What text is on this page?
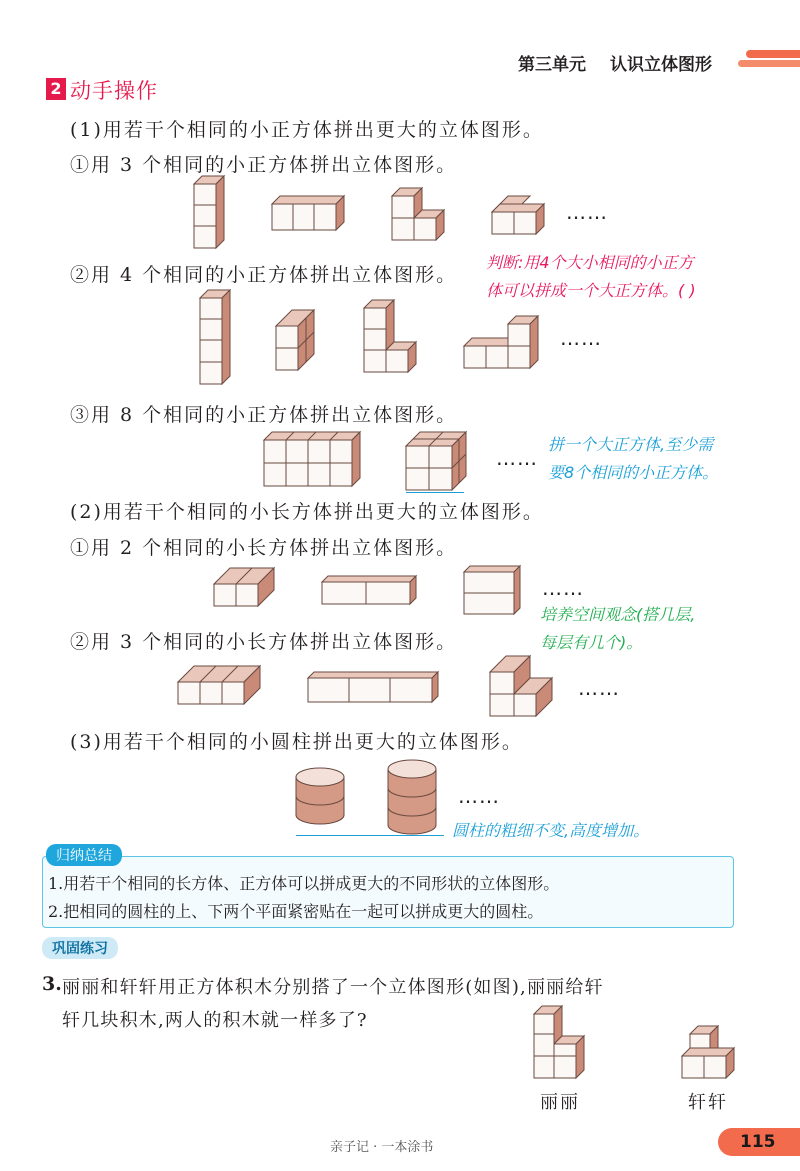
第三单元 认识立体图形
2 动手操作
(1)用若干个相同的小正方体拼出更大的立体图形。
①用 3 个相同的小正方体拼出立体图形。
……
②用 4 个相同的小正方体拼出立体图形。
判断:用4个大小相同的小正方
体可以拼成一个大正方体。( )
……
③用 8 个相同的小正方体拼出立体图形。
……
拼一个大正方体,至少需
要8个相同的小正方体。
(2)用若干个相同的小长方体拼出更大的立体图形。
①用 2 个相同的小长方体拼出立体图形。
……
培养空间观念(搭几层,
每层有几个)。
②用 3 个相同的小长方体拼出立体图形。
……
(3)用若干个相同的小圆柱拼出更大的立体图形。
……
圆柱的粗细不变,高度增加。
归纳总结
1.用若干个相同的长方体、正方体可以拼成更大的不同形状的立体图形。
2.把相同的圆柱的上、下两个平面紧密贴在一起可以拼成更大的圆柱。
巩固练习
3. 丽丽和轩轩用正方体积木分别搭了一个立体图形(如图),丽丽给轩
轩几块积木,两人的积木就一样多了?
丽丽	轩轩
亲子记 · 一本涂书	115
